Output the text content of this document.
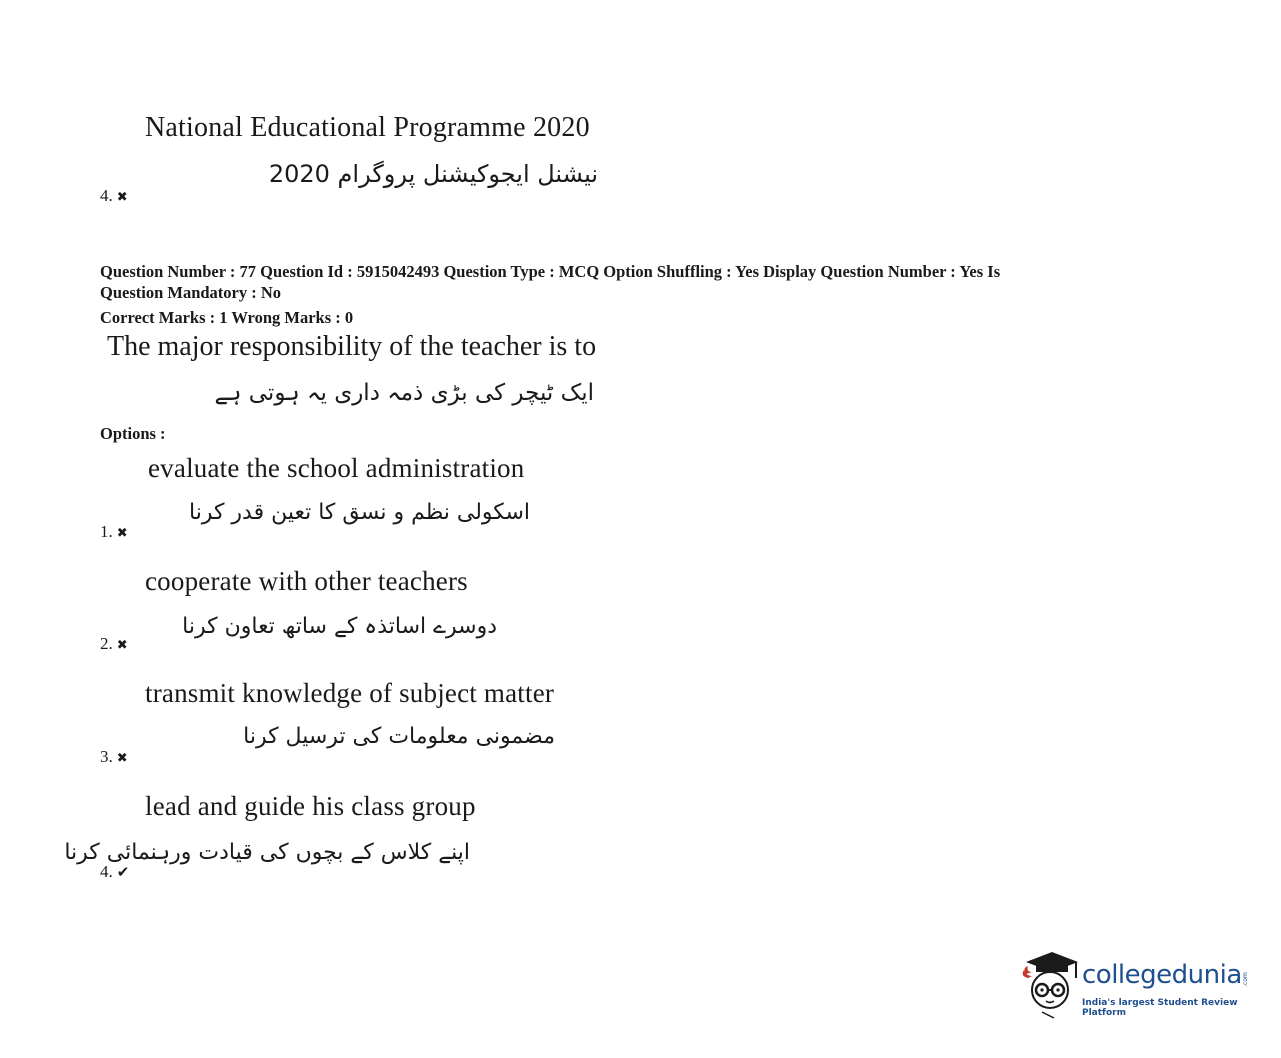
National Educational Programme 2020
نیشنل ایجوکیشنل پروگرام 2020
4. ✖
Question Number : 77 Question Id : 5915042493 Question Type : MCQ Option Shuffling : Yes Display Question Number : Yes Is
Question Mandatory : No
Correct Marks : 1 Wrong Marks : 0
The major responsibility of the teacher is to
ایک ٹیچر کی بڑی ذمہ داری یہ ہوتی ہے
Options :
evaluate the school administration
اسکولی نظم و نسق کا تعین قدر کرنا
1. ✖
cooperate with other teachers
دوسرے اساتذہ کے ساتھ تعاون کرنا
2. ✖
transmit knowledge of subject matter
مضمونی معلومات کی ترسیل کرنا
3. ✖
lead and guide his class group
اپنے کلاس کے بچوں کی قیادت ورہنمائی کرنا
4. ✔
collegedunia .com
India's largest Student Review Platform
